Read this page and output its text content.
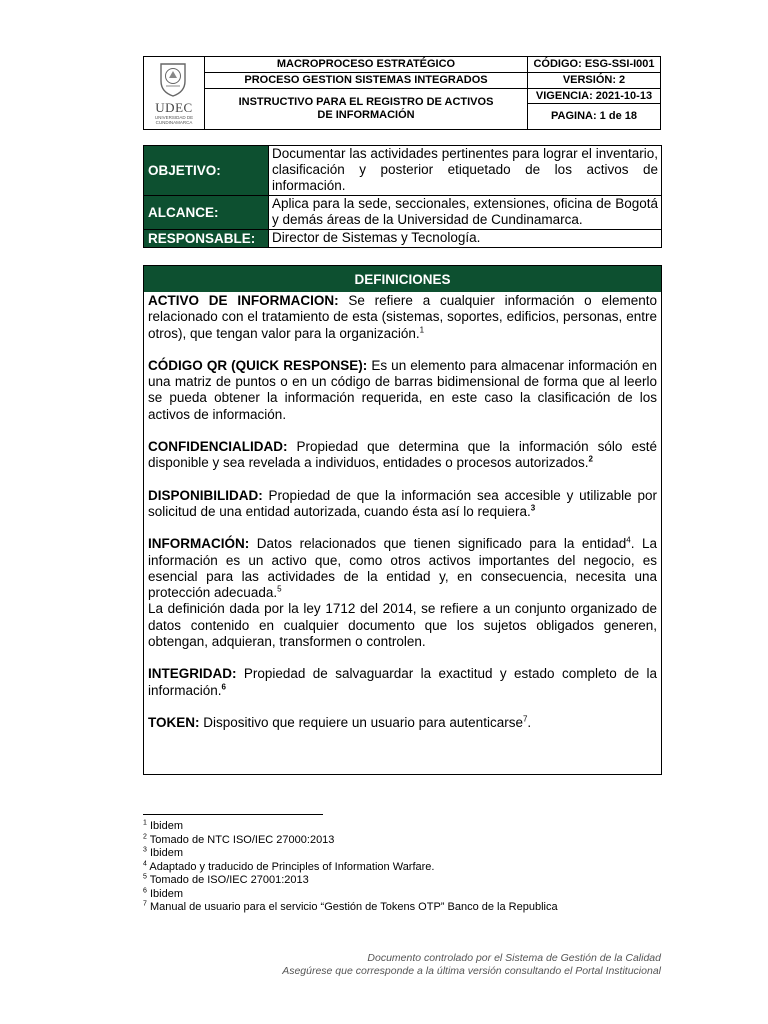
UDEC
UNIVERSIDAD DE CUNDINAMARCA
MACROPROCESO ESTRATÉGICO
PROCESO GESTION SISTEMAS INTEGRADOS
INSTRUCTIVO PARA EL REGISTRO DE ACTIVOS DE INFORMACIÓN
CÓDIGO: ESG-SSI-I001
VERSIÓN: 2
VIGENCIA: 2021-10-13
PAGINA: 1 de 18
OBJETIVO:
Documentar las actividades pertinentes para lograr el inventario, clasificación y posterior etiquetado de los activos de información.
ALCANCE:
Aplica para la sede, seccionales, extensiones, oficina de Bogotá y demás áreas de la Universidad de Cundinamarca.
RESPONSABLE:	Director de Sistemas y Tecnología.
DEFINICIONES

ACTIVO DE INFORMACION: Se refiere a cualquier información o elemento relacionado con el tratamiento de esta (sistemas, soportes, edificios, personas, entre otros), que tengan valor para la organización.$^1$

CÓDIGO QR (QUICK RESPONSE): Es un elemento para almacenar información en una matriz de puntos o en un código de barras bidimensional de forma que al leerlo se pueda obtener la información requerida, en este caso la clasificación de los activos de información.

CONFIDENCIALIDAD: Propiedad que determina que la información sólo esté disponible y sea revelada a individuos, entidades o procesos autorizados.$^2$

DISPONIBILIDAD: Propiedad de que la información sea accesible y utilizable por solicitud de una entidad autorizada, cuando ésta así lo requiera.$^3$

INFORMACIÓN: Datos relacionados que tienen significado para la entidad$^4$. La información es un activo que, como otros activos importantes del negocio, es esencial para las actividades de la entidad y, en consecuencia, necesita una protección adecuada.$^5$
La definición dada por la ley 1712 del 2014, se refiere a un conjunto organizado de datos contenido en cualquier documento que los sujetos obligados generen, obtengan, adquieran, transformen o controlen.

INTEGRIDAD: Propiedad de salvaguardar la exactitud y estado completo de la información.$^6$

TOKEN: Dispositivo que requiere un usuario para autenticarse$^7$.

$^1$ Ibidem
$^2$ Tomado de NTC ISO/IEC 27000:2013
$^3$ Ibidem
$^4$ Adaptado y traducido de Principles of Information Warfare.
$^5$ Tomado de ISO/IEC 27001:2013
$^6$ Ibidem
$^7$ Manual de usuario para el servicio “Gestión de Tokens OTP” Banco de la Republica
Documento controlado por el Sistema de Gestión de la Calidad
Asegúrese que corresponde a la última versión consultando el Portal Institucional
